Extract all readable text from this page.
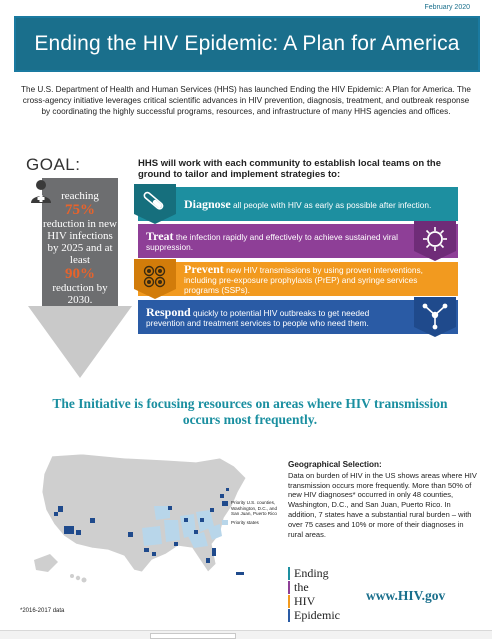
February 2020
Ending the HIV Epidemic: A Plan for America

The U.S. Department of Health and Human Services (HHS) has launched Ending the HIV Epidemic: A Plan for America. The cross-agency initiative leverages critical scientific advances in HIV prevention, diagnosis, treatment, and outbreak response by coordinating the highly successful programs, resources, and infrastructure of many HHS agencies and offices.

GOAL:
reaching
75%
reduction in new HIV infections by 2025 and at least
90%
reduction by 2030.
HHS will work with each community to establish local teams on the ground to tailor and implement strategies to:
Diagnose all people with HIV as early as possible after infection.
Treat the infection rapidly and effectively to achieve sustained viral suppression.
Prevent new HIV transmissions by using proven interventions, including pre-exposure prophylaxis (PrEP) and syringe services programs (SSPs).
Respond quickly to potential HIV outbreaks to get needed prevention and treatment services to people who need them.
The Initiative is focusing resources on areas where HIV transmission occurs most frequently.
Priority U.S. counties, Washington, D.C., and San Juan, Puerto Rico
Priority states
Geographical Selection:

Data on burden of HIV in the US shows areas where HIV transmission occurs more frequently. More than 50% of new HIV diagnoses* occurred in only 48 counties, Washington, D.C., and San Juan, Puerto Rico. In addition, 7 states have a substantial rural burden – with over 75 cases and 10% or more of their diagnoses in rural areas.

Ending
the
HIV
Epidemic
www.HIV.gov
*2016-2017 data
